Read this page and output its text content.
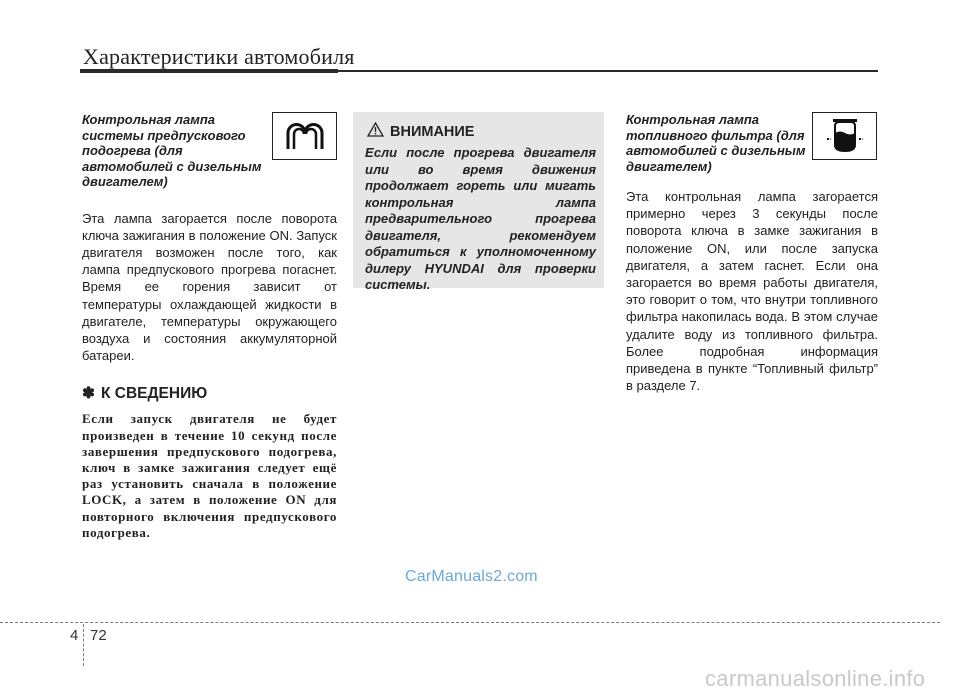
Характеристики автомобиля

Контрольная лампа системы предпускового подогрева (для автомобилей с дизельным двигателем)

Эта лампа загорается после поворота ключа зажигания в положение ON. Запуск двигателя возможен после того, как лампа предпускового прогрева погаснет. Время ее горения зависит от температуры охлаждающей жидкости в двигателе, температуры окружающего воздуха и состояния аккумуляторной батареи.

✽ К СВЕДЕНИЮ

Если запуск двигателя не будет произведен в течение 10 секунд после завершения предпускового подогрева, ключ в замке зажигания следует ещё раз установить сначала в положение LOCK, а затем в положение ON для повторного включения предпускового подогрева.

ВНИМАНИЕ

Если после прогрева двигателя или во время движения продолжает гореть или мигать контрольная лампа предварительного прогрева двигателя, рекомендуем обратиться к уполномоченному дилеру HYUNDAI для проверки системы.

Контрольная лампа топливного фильтра (для автомобилей с дизельным двигателем)

Эта контрольная лампа загорается примерно через 3 секунды после поворота ключа в замке зажигания в положение ON, или после запуска двигателя, а затем гаснет. Если она загорается во время работы двигателя, это говорит о том, что внутри топливного фильтра накопилась вода. В этом случае удалите воду из топливного фильтра. Более подробная информация приведена в пункте “Топливный фильтр” в разделе 7.

CarManuals2.com
4 72
carmanualsonline.info
